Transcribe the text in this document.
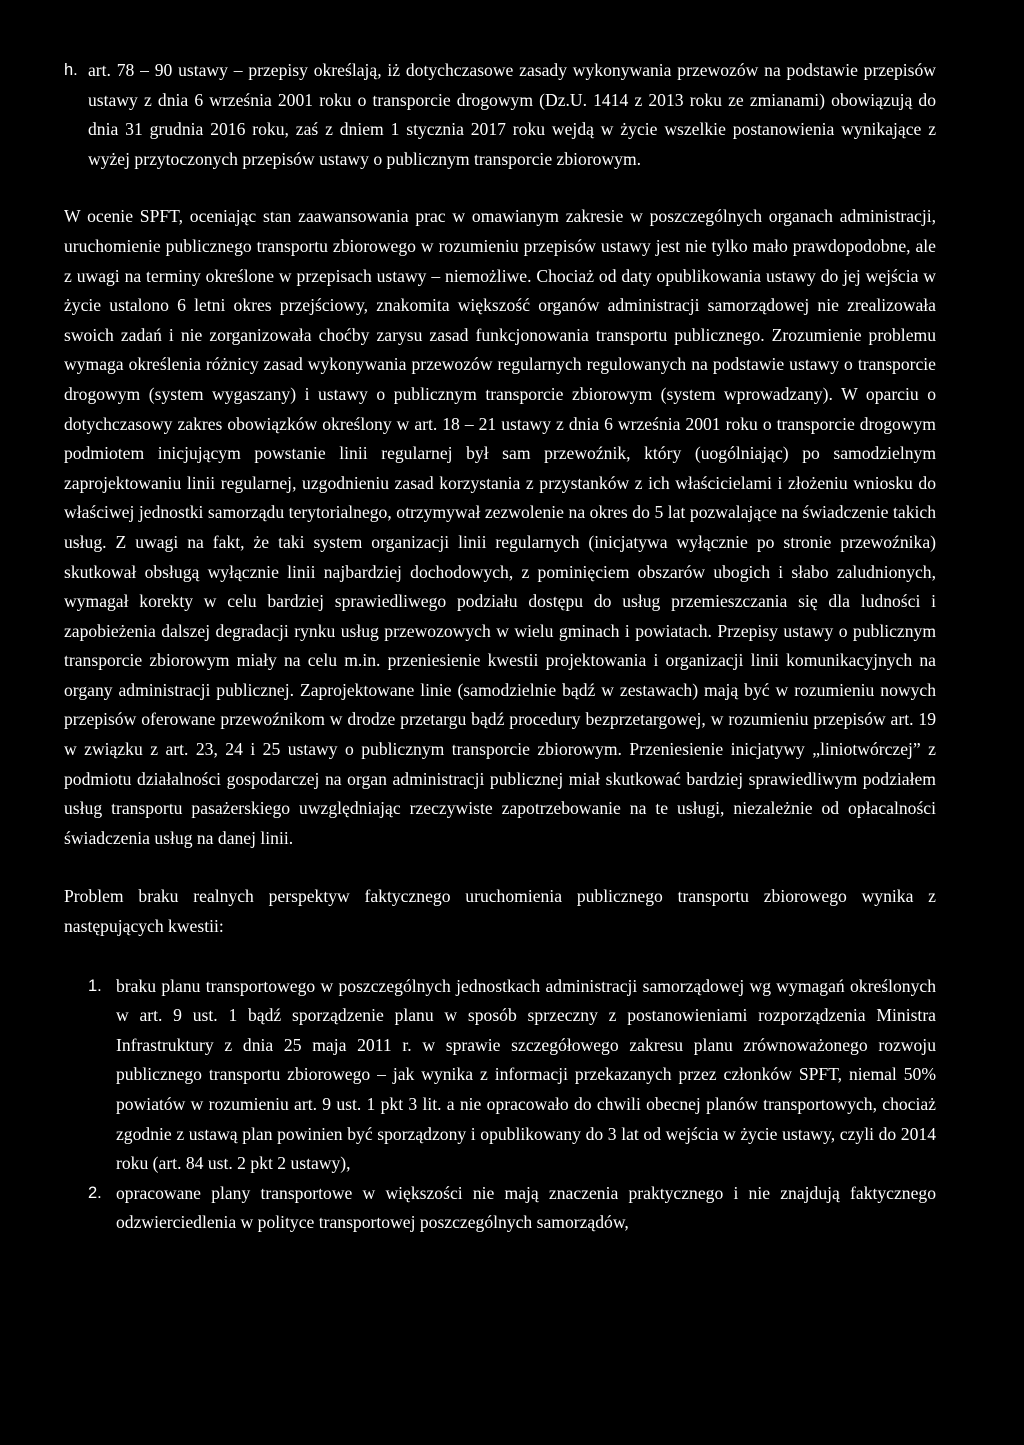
h. art. 78 – 90 ustawy – przepisy określają, iż dotychczasowe zasady wykonywania przewozów na podstawie przepisów ustawy z dnia 6 września 2001 roku o transporcie drogowym (Dz.U. 1414 z 2013 roku ze zmianami) obowiązują do dnia 31 grudnia 2016 roku, zaś z dniem 1 stycznia 2017 roku wejdą w życie wszelkie postanowienia wynikające z wyżej przytoczonych przepisów ustawy o publicznym transporcie zbiorowym.

W ocenie SPFT, oceniając stan zaawansowania prac w omawianym zakresie w poszczególnych organach administracji, uruchomienie publicznego transportu zbiorowego w rozumieniu przepisów ustawy jest nie tylko mało prawdopodobne, ale z uwagi na terminy określone w przepisach ustawy – niemożliwe. Chociaż od daty opublikowania ustawy do jej wejścia w życie ustalono 6 letni okres przejściowy, znakomita większość organów administracji samorządowej nie zrealizowała swoich zadań i nie zorganizowała choćby zarysu zasad funkcjonowania transportu publicznego. Zrozumienie problemu wymaga określenia różnicy zasad wykonywania przewozów regularnych regulowanych na podstawie ustawy o transporcie drogowym (system wygaszany) i ustawy o publicznym transporcie zbiorowym (system wprowadzany). W oparciu o dotychczasowy zakres obowiązków określony w art. 18 – 21 ustawy z dnia 6 września 2001 roku o transporcie drogowym podmiotem inicjującym powstanie linii regularnej był sam przewoźnik, który (uogólniając) po samodzielnym zaprojektowaniu linii regularnej, uzgodnieniu zasad korzystania z przystanków z ich właścicielami i złożeniu wniosku do właściwej jednostki samorządu terytorialnego, otrzymywał zezwolenie na okres do 5 lat pozwalające na świadczenie takich usług. Z uwagi na fakt, że taki system organizacji linii regularnych (inicjatywa wyłącznie po stronie przewoźnika) skutkował obsługą wyłącznie linii najbardziej dochodowych, z pominięciem obszarów ubogich i słabo zaludnionych, wymagał korekty w celu bardziej sprawiedliwego podziału dostępu do usług przemieszczania się dla ludności i zapobieżenia dalszej degradacji rynku usług przewozowych w wielu gminach i powiatach. Przepisy ustawy o publicznym transporcie zbiorowym miały na celu m.in. przeniesienie kwestii projektowania i organizacji linii komunikacyjnych na organy administracji publicznej. Zaprojektowane linie (samodzielnie bądź w zestawach) mają być w rozumieniu nowych przepisów oferowane przewoźnikom w drodze przetargu bądź procedury bezprzetargowej, w rozumieniu przepisów art. 19 w związku z art. 23, 24 i 25 ustawy o publicznym transporcie zbiorowym. Przeniesienie inicjatywy „liniotwórczej” z podmiotu działalności gospodarczej na organ administracji publicznej miał skutkować bardziej sprawiedliwym podziałem usług transportu pasażerskiego uwzględniając rzeczywiste zapotrzebowanie na te usługi, niezależnie od opłacalności świadczenia usług na danej linii.

Problem braku realnych perspektyw faktycznego uruchomienia publicznego transportu zbiorowego wynika z następujących kwestii:

1. braku planu transportowego w poszczególnych jednostkach administracji samorządowej wg wymagań określonych w art. 9 ust. 1 bądź sporządzenie planu w sposób sprzeczny z postanowieniami rozporządzenia Ministra Infrastruktury z dnia 25 maja 2011 r. w sprawie szczegółowego zakresu planu zrównoważonego rozwoju publicznego transportu zbiorowego – jak wynika z informacji przekazanych przez członków SPFT, niemal 50% powiatów w rozumieniu art. 9 ust. 1 pkt 3 lit. a nie opracowało do chwili obecnej planów transportowych, chociaż zgodnie z ustawą plan powinien być sporządzony i opublikowany do 3 lat od wejścia w życie ustawy, czyli do 2014 roku (art. 84 ust. 2 pkt 2 ustawy),

2. opracowane plany transportowe w większości nie mają znaczenia praktycznego i nie znajdują faktycznego odzwierciedlenia w polityce transportowej poszczególnych samorządów,
